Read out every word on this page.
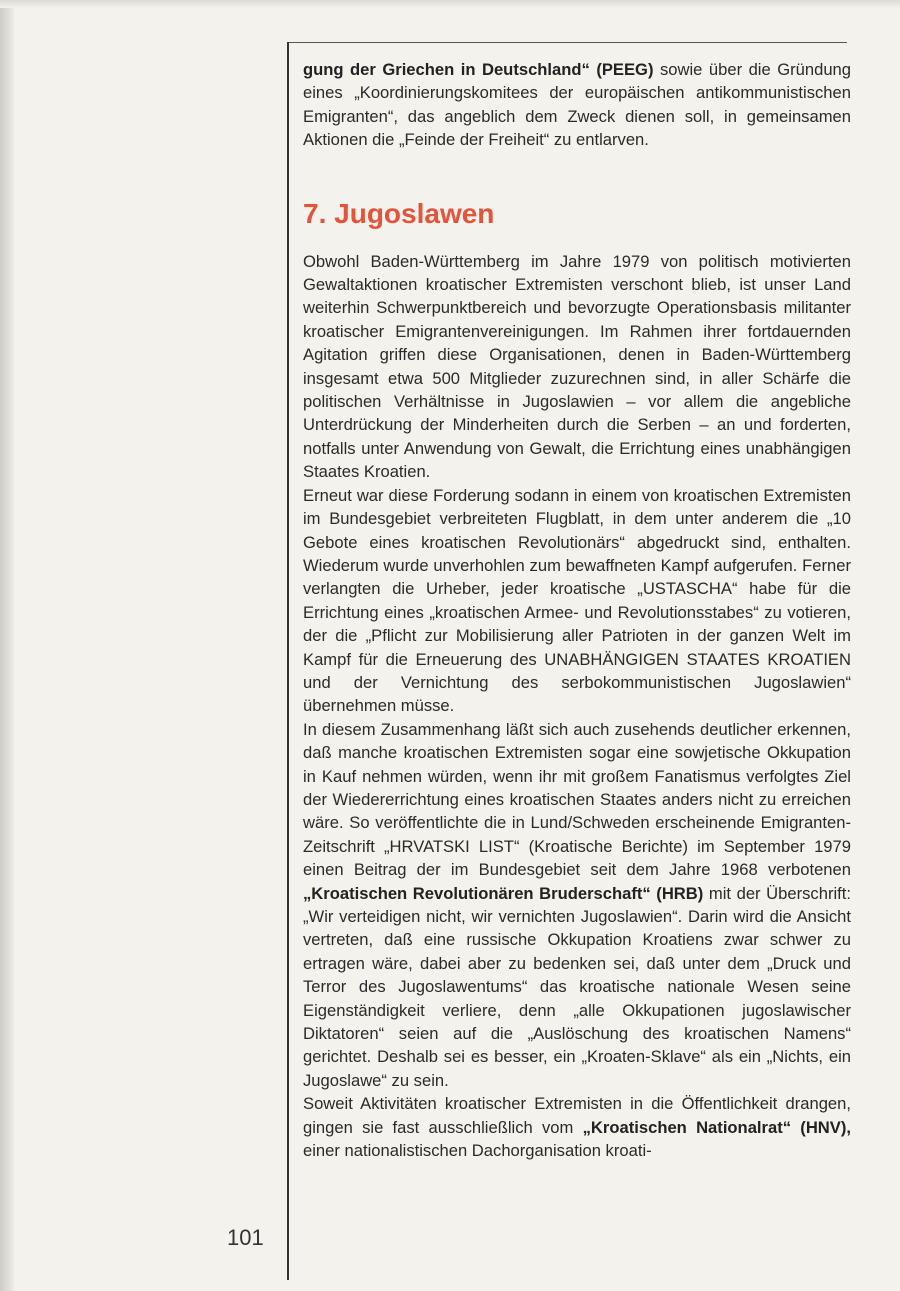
101

gung der Griechen in Deutschland“ (PEEG) sowie über die Gründung eines „Koordinierungskomitees der europäischen antikommunistischen Emigranten“, das angeblich dem Zweck dienen soll, in gemeinsamen Aktionen die „Feinde der Freiheit“ zu entlarven.

7. Jugoslawen

Obwohl Baden-Württemberg im Jahre 1979 von politisch motivierten Gewaltaktionen kroatischer Extremisten verschont blieb, ist unser Land weiterhin Schwerpunktbereich und bevorzugte Operationsbasis militanter kroatischer Emigrantenvereinigungen. Im Rahmen ihrer fortdauernden Agitation griffen diese Organisationen, denen in Baden-Württemberg insgesamt etwa 500 Mitglieder zuzurechnen sind, in aller Schärfe die politischen Verhältnisse in Jugoslawien – vor allem die angebliche Unterdrückung der Minderheiten durch die Serben – an und forderten, notfalls unter Anwendung von Gewalt, die Errichtung eines unabhängigen Staates Kroatien.

Erneut war diese Forderung sodann in einem von kroatischen Extremisten im Bundesgebiet verbreiteten Flugblatt, in dem unter anderem die „10 Gebote eines kroatischen Revolutionärs“ abgedruckt sind, enthalten. Wiederum wurde unverhohlen zum bewaffneten Kampf aufgerufen. Ferner verlangten die Urheber, jeder kroatische „USTASCHA“ habe für die Errichtung eines „kroatischen Armee- und Revolutionsstabes“ zu votieren, der die „Pflicht zur Mobilisierung aller Patrioten in der ganzen Welt im Kampf für die Erneuerung des UNABHÄNGIGEN STAATES KROATIEN und der Vernichtung des serbokommunistischen Jugoslawien“ übernehmen müsse.

In diesem Zusammenhang läßt sich auch zusehends deutlicher erkennen, daß manche kroatischen Extremisten sogar eine sowjetische Okkupation in Kauf nehmen würden, wenn ihr mit großem Fanatismus verfolgtes Ziel der Wiedererrichtung eines kroatischen Staates anders nicht zu erreichen wäre. So veröffentlichte die in Lund/Schweden erscheinende Emigranten-Zeitschrift „HRVATSKI LIST“ (Kroatische Berichte) im September 1979 einen Beitrag der im Bundesgebiet seit dem Jahre 1968 verbotenen „Kroatischen Revolutionären Bruderschaft“ (HRB) mit der Überschrift: „Wir verteidigen nicht, wir vernichten Jugoslawien“. Darin wird die Ansicht vertreten, daß eine russische Okkupation Kroatiens zwar schwer zu ertragen wäre, dabei aber zu bedenken sei, daß unter dem „Druck und Terror des Jugoslawentums“ das kroatische nationale Wesen seine Eigenständigkeit verliere, denn „alle Okkupationen jugoslawischer Diktatoren“ seien auf die „Auslöschung des kroatischen Namens“ gerichtet. Deshalb sei es besser, ein „Kroaten-Sklave“ als ein „Nichts, ein Jugoslawe“ zu sein.

Soweit Aktivitäten kroatischer Extremisten in die Öffentlichkeit drangen, gingen sie fast ausschließlich vom „Kroatischen Nationalrat“ (HNV), einer nationalistischen Dachorganisation kroati-
